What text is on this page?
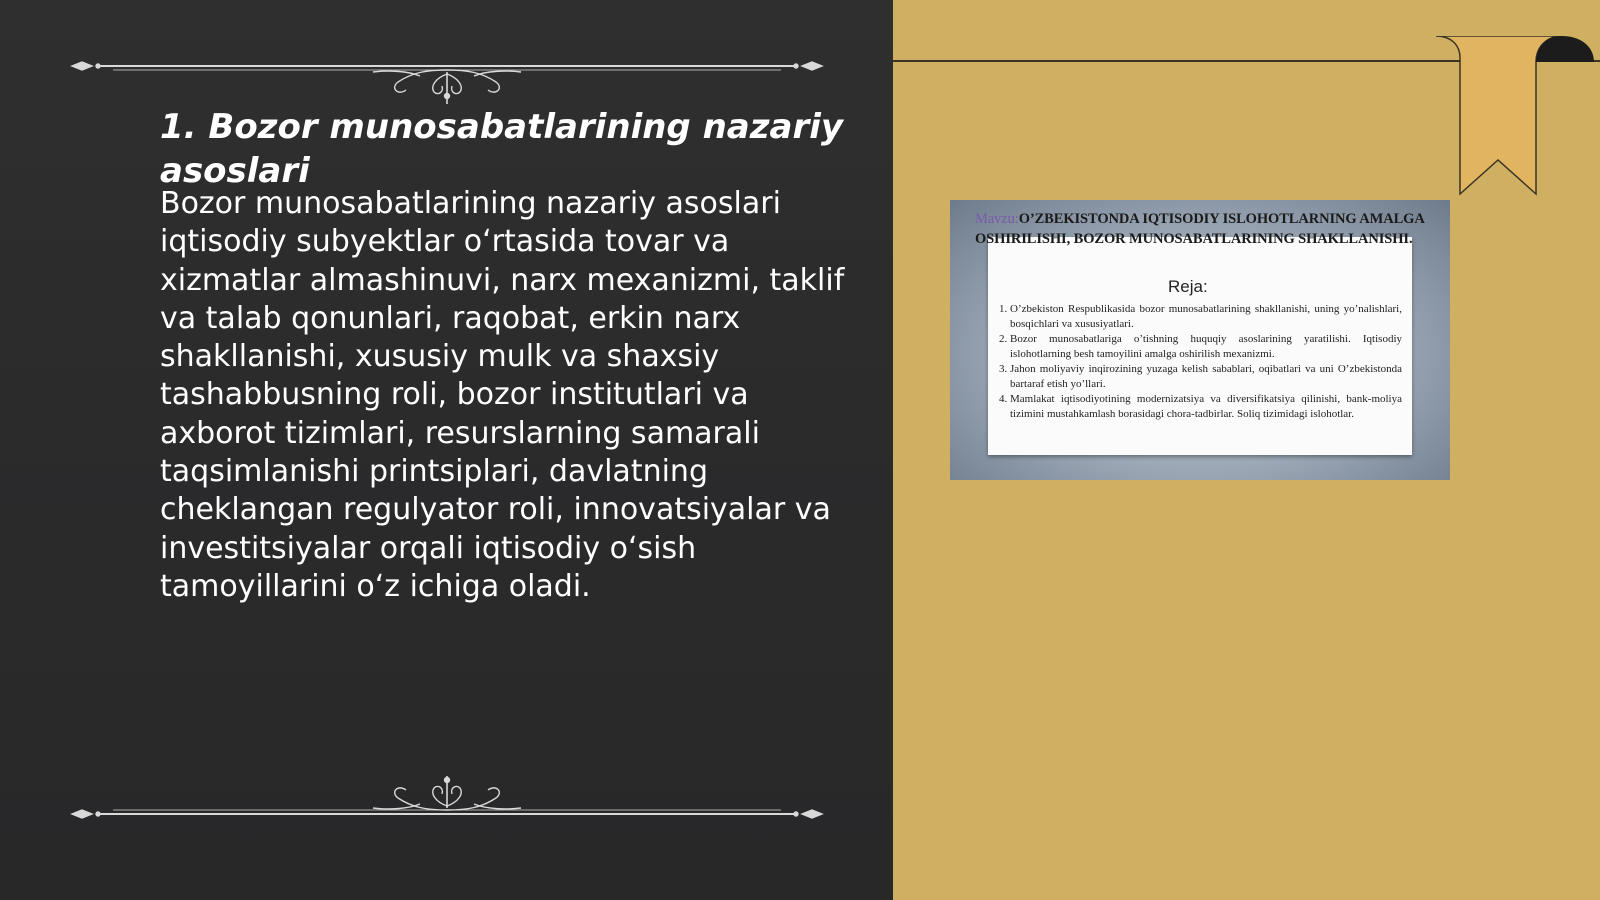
1. Bozor munosabatlarining nazariy asoslari

Bozor munosabatlarining nazariy asoslari iqtisodiy subyektlar oʻrtasida tovar va xizmatlar almashinuvi, narx mexanizmi, taklif va talab qonunlari, raqobat, erkin narx shakllanishi, xususiy mulk va shaxsiy tashabbusning roli, bozor institutlari va axborot tizimlari, resurslarning samarali taqsimlanishi printsiplari, davlatning cheklangan regulyator roli, innovatsiyalar va investitsiyalar orqali iqtisodiy oʻsish tamoyillarini oʻz ichiga oladi.

Mavzu:O’ZBEKISTONDA IQTISODIY ISLOHOTLARNING AMALGA OSHIRILISHI, BOZOR MUNOSABATLARINING SHAKLLANISHI.

Reja:

1. O’zbekiston Respublikasida bozor munosabatlarining shakllanishi, uning yo’nalishlari, bosqichlari va xususiyatlari.
2. Bozor munosabatlariga o’tishning huquqiy asoslarining yaratilishi. Iqtisodiy islohotlarning besh tamoyilini amalga oshirilish mexanizmi.
3. Jahon moliyaviy inqirozining yuzaga kelish sabablari, oqibatlari va uni O’zbekistonda bartaraf etish yo’llari.
4. Mamlakat iqtisodiyotining modernizatsiya va diversifikatsiya qilinishi, bank-moliya tizimini mustahkamlash borasidagi chora-tadbirlar. Soliq tizimidagi islohotlar.
